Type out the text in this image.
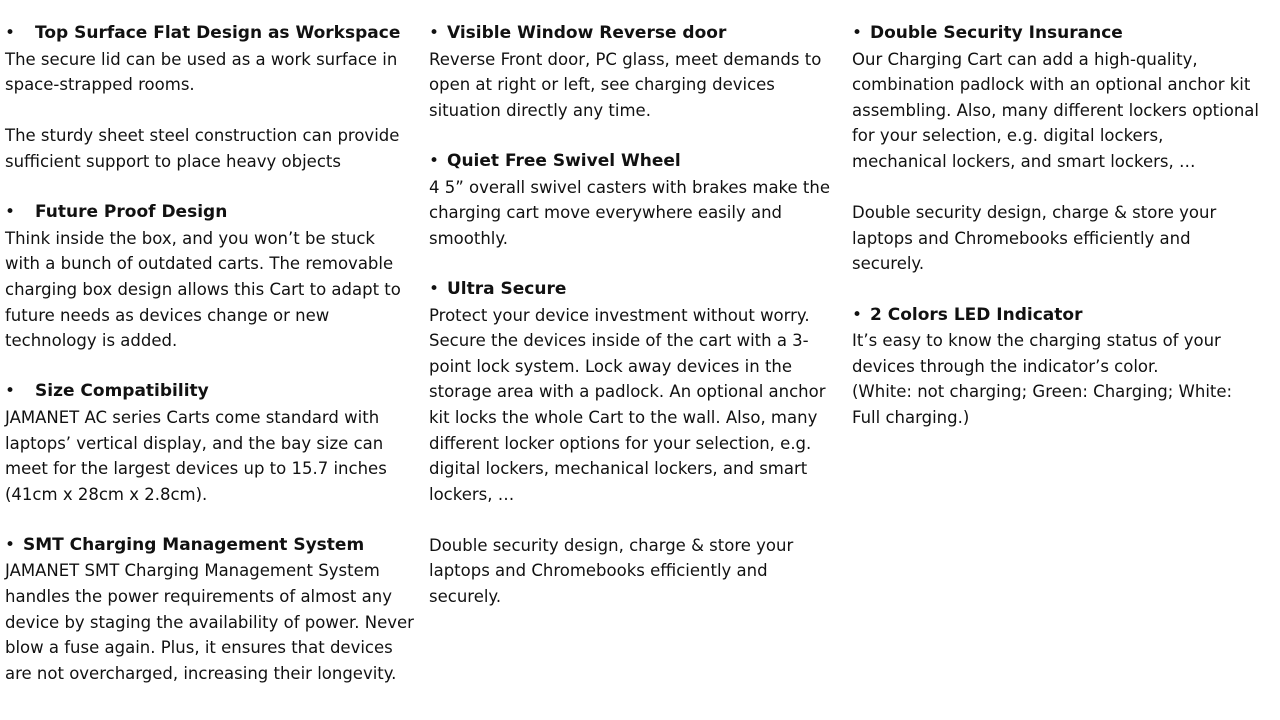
•	Top Surface Flat Design as Workspace
The secure lid can be used as a work surface in
space-strapped rooms.
The sturdy sheet steel construction can provide
sufficient support to place heavy objects
•	Future Proof Design
Think inside the box, and you won’t be stuck
with a bunch of outdated carts. The removable
charging box design allows this Cart to adapt to
future needs as devices change or new
technology is added.
•	Size Compatibility
JAMANET AC series Carts come standard with
laptops’ vertical display, and the bay size can
meet for the largest devices up to 15.7 inches
(41cm x 28cm x 2.8cm).
• SMT Charging Management System
JAMANET SMT Charging Management System
handles the power requirements of almost any
device by staging the availability of power. Never
blow a fuse again. Plus, it ensures that devices
are not overcharged, increasing their longevity.
• Visible Window Reverse door
Reverse Front door, PC glass, meet demands to
open at right or left, see charging devices
situation directly any time.
• Quiet Free Swivel Wheel
4 5” overall swivel casters with brakes make the
charging cart move everywhere easily and
smoothly.
• Ultra Secure
Protect your device investment without worry.
Secure the devices inside of the cart with a 3-
point lock system. Lock away devices in the
storage area with a padlock. An optional anchor
kit locks the whole Cart to the wall. Also, many
different locker options for your selection, e.g.
digital lockers, mechanical lockers, and smart
lockers, …
Double security design, charge & store your
laptops and Chromebooks efficiently and
securely.
• Double Security Insurance
Our Charging Cart can add a high-quality,
combination padlock with an optional anchor kit
assembling. Also, many different lockers optional
for your selection, e.g. digital lockers,
mechanical lockers, and smart lockers, …
Double security design, charge & store your
laptops and Chromebooks efficiently and
securely.
• 2 Colors LED Indicator
It’s easy to know the charging status of your
devices through the indicator’s color.
(White: not charging; Green: Charging; White:
Full charging.)
